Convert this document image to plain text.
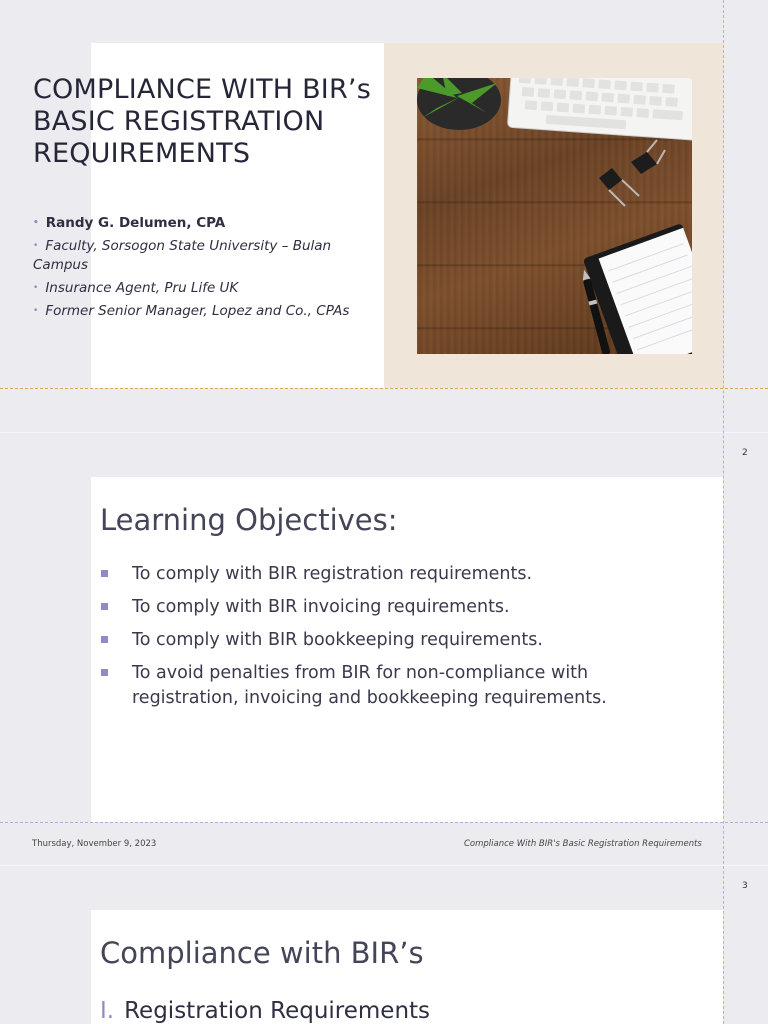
COMPLIANCE WITH BIR’s BASIC REGISTRATION REQUIREMENTS
• Randy G. Delumen, CPA
• Faculty, Sorsogon State University – Bulan Campus
• Insurance Agent, Pru Life UK
• Former Senior Manager, Lopez and Co., CPAs
2
Learning Objectives:
To comply with BIR registration requirements.
To comply with BIR invoicing requirements.
To comply with BIR bookkeeping requirements.
To avoid penalties from BIR for non-compliance with registration, invoicing and bookkeeping requirements.
Thursday, November 9, 2023	Compliance With BIR's Basic Registration Requirements
3
Compliance with BIR’s
I. Registration Requirements
